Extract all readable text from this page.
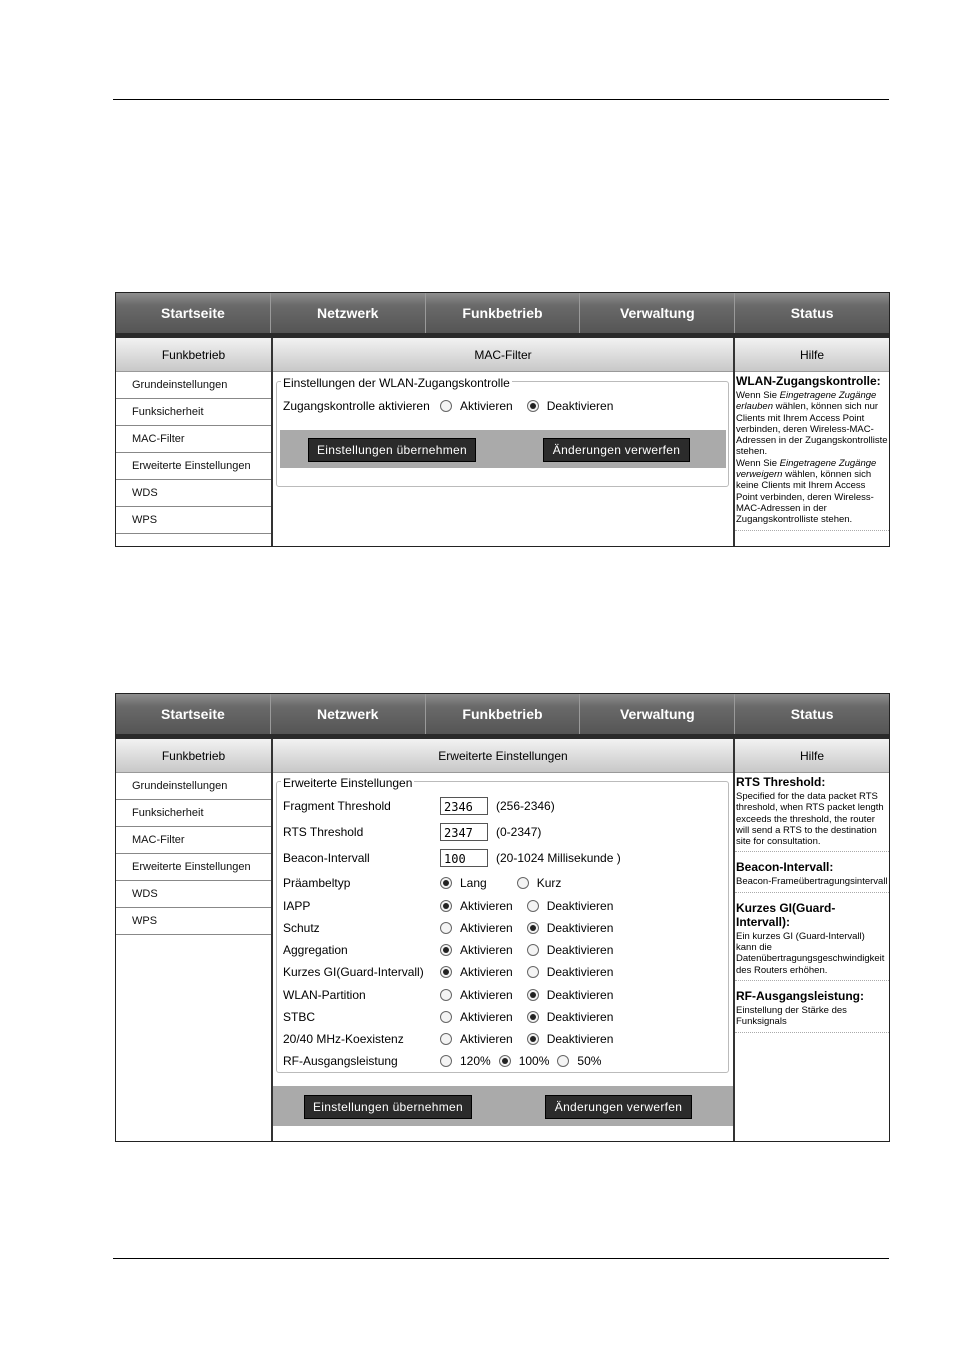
Startseite	Netzwerk	Funkbetrieb	Verwaltung	Status
Funkbetrieb
Grundeinstellungen
Funksicherheit
MAC-Filter
Erweiterte Einstellungen
WDS
WPS
MAC-Filter
Einstellungen der WLAN-Zugangskontrolle
Zugangskontrolle aktivieren	Aktivieren	Deaktivieren
Einstellungen übernehmen	Änderungen verwerfen
Hilfe
WLAN-Zugangskontrolle:
Wenn Sie Eingetragene Zugänge erlauben wählen, können sich nur Clients mit Ihrem Access Point verbinden, deren Wireless-MAC-Adressen in der Zugangskontrolliste stehen.
Wenn Sie Eingetragene Zugänge verweigern wählen, können sich keine Clients mit Ihrem Access Point verbinden, deren Wireless-MAC-Adressen in der Zugangskontrolliste stehen.
Startseite	Netzwerk	Funkbetrieb	Verwaltung	Status
Funkbetrieb
Grundeinstellungen
Funksicherheit
MAC-Filter
Erweiterte Einstellungen
WDS
WPS
Erweiterte Einstellungen
Erweiterte Einstellungen
Fragment Threshold	2346	(256-2346)
RTS Threshold	2347	(0-2347)
Beacon-Intervall	100	(20-1024 Millisekunde )
Präambeltyp	Lang	Kurz
IAPP	Aktivieren	Deaktivieren
Schutz	Aktivieren	Deaktivieren
Aggregation	Aktivieren	Deaktivieren
Kurzes GI(Guard-Intervall)	Aktivieren	Deaktivieren
WLAN-Partition	Aktivieren	Deaktivieren
STBC	Aktivieren	Deaktivieren
20/40 MHz-Koexistenz	Aktivieren	Deaktivieren
RF-Ausgangsleistung	120% 100% 50%
Einstellungen übernehmen	Änderungen verwerfen
Hilfe
RTS Threshold:
Specified for the data packet RTS threshold, when RTS packet length exceeds the threshold, the router will send a RTS to the destination site for consultation.
Beacon-Intervall:
Beacon-Frameübertragungsintervall
Kurzes GI(Guard-Intervall):
Ein kurzes GI (Guard-Intervall) kann die Datenübertragungsgeschwindigkeit des Routers erhöhen.
RF-Ausgangsleistung:
Einstellung der Stärke des Funksignals
